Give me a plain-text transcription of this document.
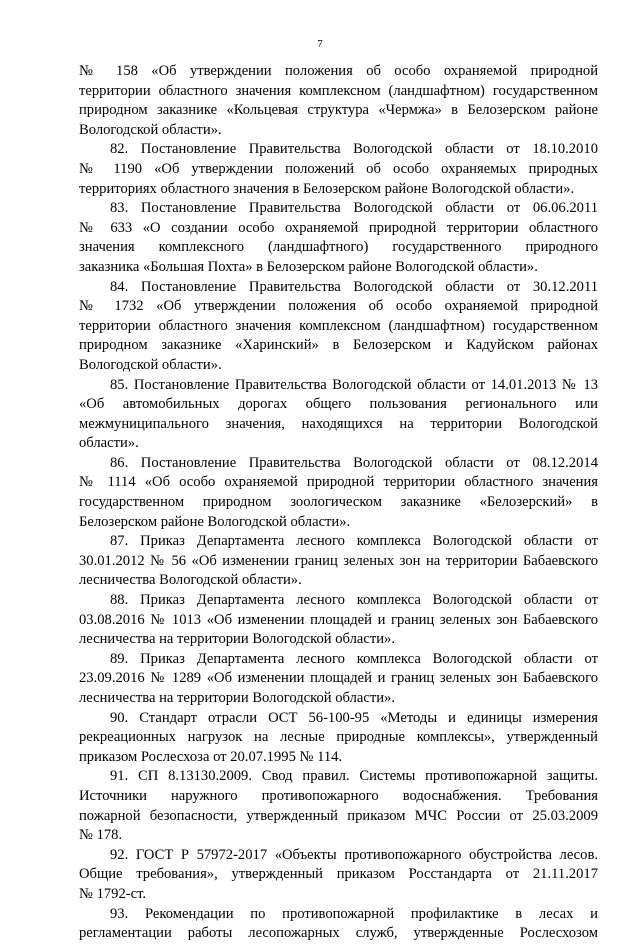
7
№ 158 «Об утверждении положения об особо охраняемой природной
территории областного значения комплексном (ландшафтном) государственном
природном заказнике «Кольцевая структура «Чермжа» в Белозерском районе
Вологодской области».
82. Постановление Правительства Вологодской области от 18.10.2010
№ 1190 «Об утверждении положений об особо охраняемых природных
территориях областного значения в Белозерском районе Вологодской области».
83. Постановление Правительства Вологодской области от 06.06.2011
№ 633 «О создании особо охраняемой природной территории областного
значения комплексного (ландшафтного) государственного природного
заказника «Большая Похта» в Белозерском районе Вологодской области».
84. Постановление Правительства Вологодской области от 30.12.2011
№ 1732 «Об утверждении положения об особо охраняемой природной
территории областного значения комплексном (ландшафтном) государственном
природном заказнике «Харинский» в Белозерском и Кадуйском районах
Вологодской области».
85. Постановление Правительства Вологодской области от 14.01.2013 № 13
«Об автомобильных дорогах общего пользования регионального или
межмуниципального значения, находящихся на территории Вологодской
области».
86. Постановление Правительства Вологодской области от 08.12.2014
№ 1114 «Об особо охраняемой природной территории областного значения
государственном природном зоологическом заказнике «Белозерский» в
Белозерском районе Вологодской области».
87. Приказ Департамента лесного комплекса Вологодской области от
30.01.2012 № 56 «Об изменении границ зеленых зон на территории Бабаевского
лесничества Вологодской области».
88. Приказ Департамента лесного комплекса Вологодской области от
03.08.2016 № 1013 «Об изменении площадей и границ зеленых зон Бабаевского
лесничества на территории Вологодской области».
89. Приказ Департамента лесного комплекса Вологодской области от
23.09.2016 № 1289 «Об изменении площадей и границ зеленых зон Бабаевского
лесничества на территории Вологодской области».
90. Стандарт отрасли ОСТ 56-100-95 «Методы и единицы измерения
рекреационных нагрузок на лесные природные комплексы», утвержденный
приказом Рослесхоза от 20.07.1995 № 114.
91. СП 8.13130.2009. Свод правил. Системы противопожарной защиты.
Источники наружного противопожарного водоснабжения. Требования
пожарной безопасности, утвержденный приказом МЧС России от 25.03.2009
№ 178.
92. ГОСТ Р 57972-2017 «Объекты противопожарного обустройства лесов.
Общие требования», утвержденный приказом Росстандарта от 21.11.2017
№ 1792-ст.
93. Рекомендации по противопожарной профилактике в лесах и
регламентации работы лесопожарных служб, утвержденные Рослесхозом
